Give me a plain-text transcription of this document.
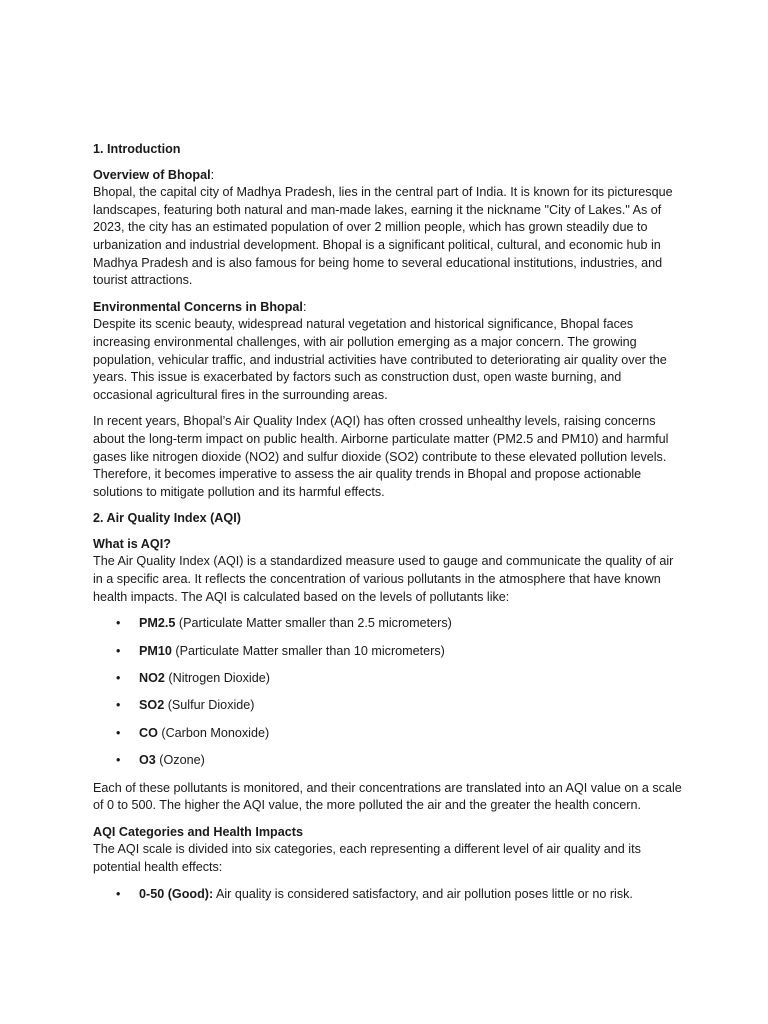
1. Introduction

Overview of Bhopal:
Bhopal, the capital city of Madhya Pradesh, lies in the central part of India. It is known for its picturesque landscapes, featuring both natural and man-made lakes, earning it the nickname "City of Lakes." As of 2023, the city has an estimated population of over 2 million people, which has grown steadily due to urbanization and industrial development. Bhopal is a significant political, cultural, and economic hub in Madhya Pradesh and is also famous for being home to several educational institutions, industries, and tourist attractions.

Environmental Concerns in Bhopal:
Despite its scenic beauty, widespread natural vegetation and historical significance, Bhopal faces increasing environmental challenges, with air pollution emerging as a major concern. The growing population, vehicular traffic, and industrial activities have contributed to deteriorating air quality over the years. This issue is exacerbated by factors such as construction dust, open waste burning, and occasional agricultural fires in the surrounding areas.

In recent years, Bhopal’s Air Quality Index (AQI) has often crossed unhealthy levels, raising concerns about the long-term impact on public health. Airborne particulate matter (PM2.5 and PM10) and harmful gases like nitrogen dioxide (NO2) and sulfur dioxide (SO2) contribute to these elevated pollution levels. Therefore, it becomes imperative to assess the air quality trends in Bhopal and propose actionable solutions to mitigate pollution and its harmful effects.

2. Air Quality Index (AQI)

What is AQI?
The Air Quality Index (AQI) is a standardized measure used to gauge and communicate the quality of air in a specific area. It reflects the concentration of various pollutants in the atmosphere that have known health impacts. The AQI is calculated based on the levels of pollutants like:

• PM2.5 (Particulate Matter smaller than 2.5 micrometers)
• PM10 (Particulate Matter smaller than 10 micrometers)
• NO2 (Nitrogen Dioxide)
• SO2 (Sulfur Dioxide)
• CO (Carbon Monoxide)
• O3 (Ozone)

Each of these pollutants is monitored, and their concentrations are translated into an AQI value on a scale of 0 to 500. The higher the AQI value, the more polluted the air and the greater the health concern.

AQI Categories and Health Impacts
The AQI scale is divided into six categories, each representing a different level of air quality and its potential health effects:

• 0-50 (Good): Air quality is considered satisfactory, and air pollution poses little or no risk.
